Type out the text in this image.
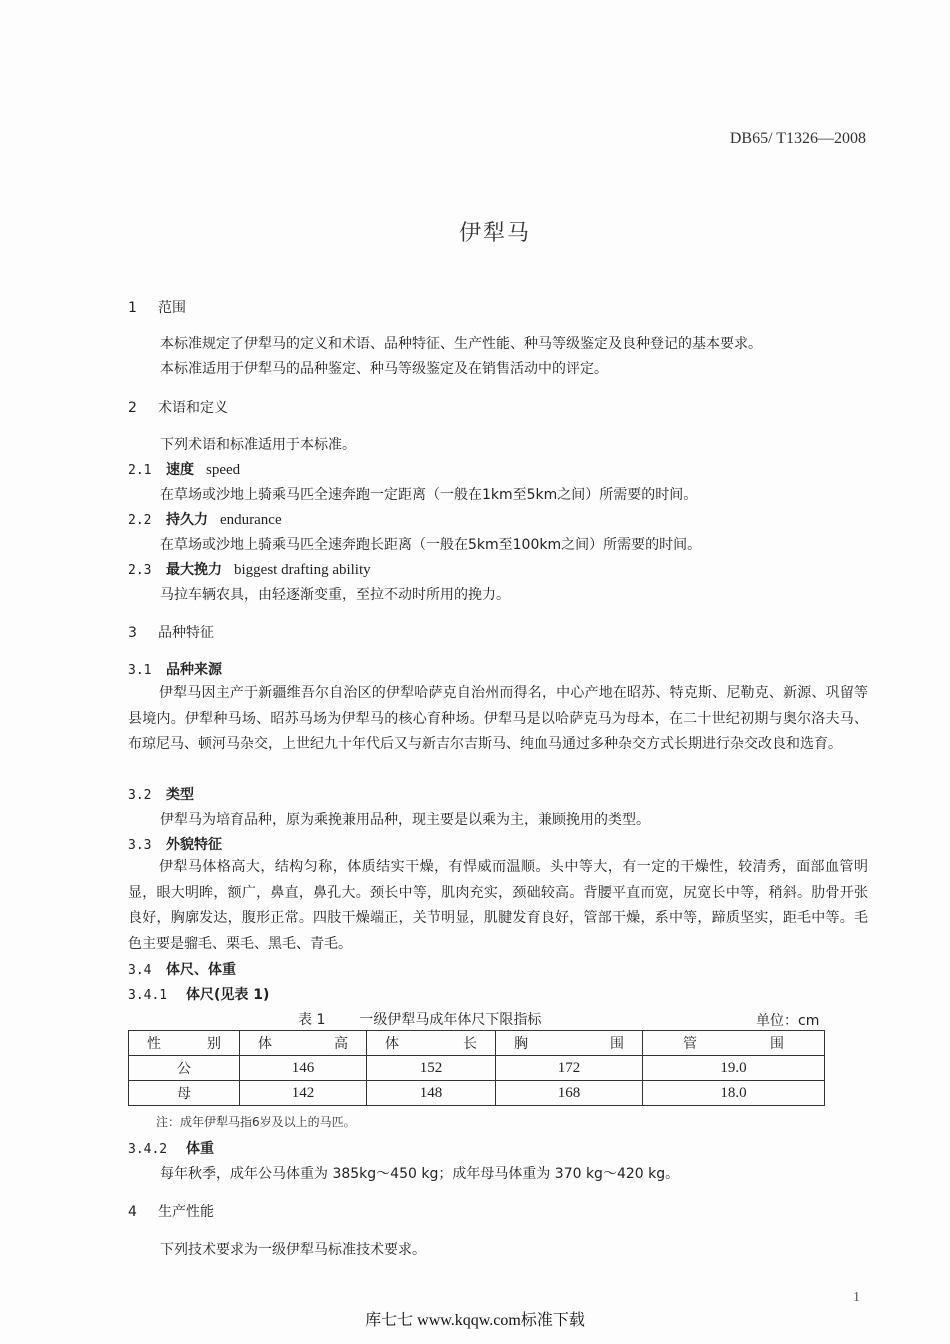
DB65/ T1326—2008
伊犁马
1 范围
本标准规定了伊犁马的定义和术语、品种特征、生产性能、种马等级鉴定及良种登记的基本要求。
本标准适用于伊犁马的品种鉴定、种马等级鉴定及在销售活动中的评定。
2 术语和定义
下列术语和标准适用于本标准。
2.1 速度 speed
在草场或沙地上骑乘马匹全速奔跑一定距离（一般在1km至5km之间）所需要的时间。
2.2 持久力 endurance
在草场或沙地上骑乘马匹全速奔跑长距离（一般在5km至100km之间）所需要的时间。
2.3 最大挽力 biggest drafting ability
马拉车辆农具，由轻逐渐变重，至拉不动时所用的挽力。
3 品种特征
3.1 品种来源
伊犁马因主产于新疆维吾尔自治区的伊犁哈萨克自治州而得名，中心产地在昭苏、特克斯、尼勒克、新源、巩留等县境内。伊犁种马场、昭苏马场为伊犁马的核心育种场。伊犁马是以哈萨克马为母本，在二十世纪初期与奥尔洛夫马、布琼尼马、顿河马杂交，上世纪九十年代后又与新吉尔吉斯马、纯血马通过多种杂交方式长期进行杂交改良和选育。
3.2 类型
伊犁马为培育品种，原为乘挽兼用品种，现主要是以乘为主，兼顾挽用的类型。
3.3 外貌特征
伊犁马体格高大，结构匀称，体质结实干燥，有悍威而温顺。头中等大，有一定的干燥性，较清秀，面部血管明显，眼大明眸，额广，鼻直，鼻孔大。颈长中等，肌肉充实，颈础较高。背腰平直而宽，尻宽长中等，稍斜。肋骨开张良好，胸廓发达，腹形正常。四肢干燥端正，关节明显，肌腱发育良好，管部干燥，系中等，蹄质坚实，距毛中等。毛色主要是骝毛、栗毛、黑毛、青毛。
3.4 体尺、体重
3.4.1 体尺(见表 1)
表 1 一级伊犁马成年体尺下限指标	单位：cm
性 别	体 高	体 长	胸 围	管 围

公	146	152	172	19.0
母	142	148	168	18.0
注：成年伊犁马指6岁及以上的马匹。
3.4.2 体重
每年秋季，成年公马体重为 385kg～450 kg；成年母马体重为 370 kg～420 kg。
4 生产性能
下列技术要求为一级伊犁马标准技术要求。
1
库七七 www.kqqw.com标准下载
